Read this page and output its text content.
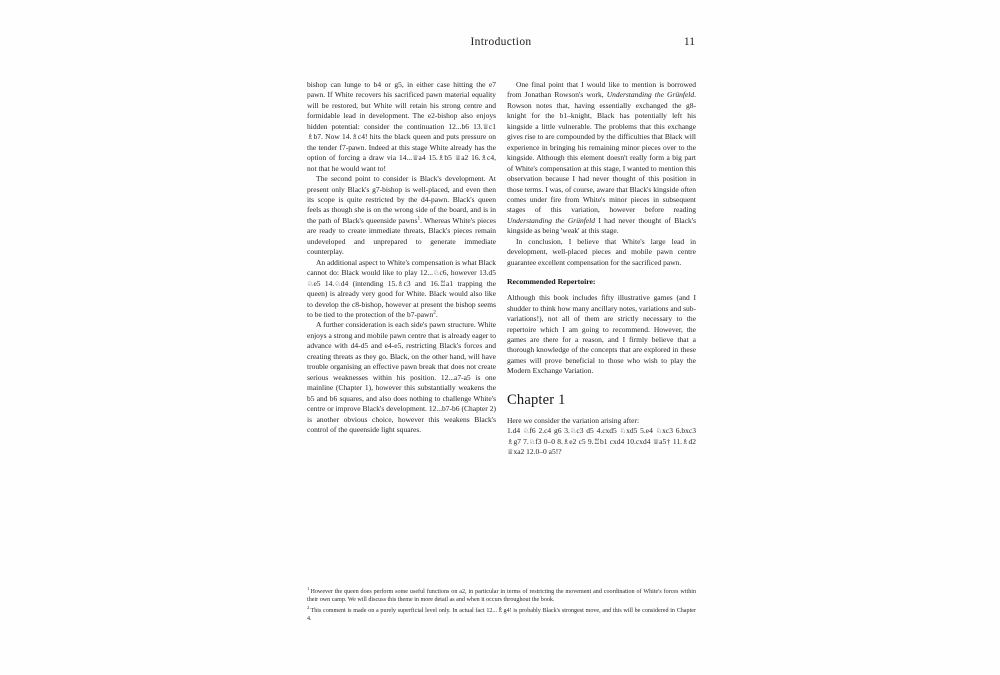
Introduction	11

bishop can lunge to b4 or g5, in either case hitting the e7 pawn. If White recovers his sacrificed pawn material equality will be restored, but White will retain his strong centre and formidable lead in development. The e2-bishop also enjoys hidden potential: consider the continuation 12...b6 13.♕c1 ♗b7. Now 14.♗c4! hits the black queen and puts pressure on the tender f7-pawn. Indeed at this stage White already has the option of forcing a draw via 14...♕a4 15.♗b5 ♕a2 16.♗c4, not that he would want to!

The second point to consider is Black's development. At present only Black's g7-bishop is well-placed, and even then its scope is quite restricted by the d4-pawn. Black's queen feels as though she is on the wrong side of the board, and is in the path of Black's queenside pawns$^1$. Whereas White's pieces are ready to create immediate threats, Black's pieces remain undeveloped and unprepared to generate immediate counterplay.

An additional aspect to White's compensation is what Black cannot do: Black would like to play 12...♘c6, however 13.d5 ♘e5 14.♘d4 (intending 15.♗c3 and 16.♖a1 trapping the queen) is already very good for White. Black would also like to develop the c8-bishop, however at present the bishop seems to be tied to the protection of the b7-pawn$^2$.

A further consideration is each side's pawn structure. White enjoys a strong and mobile pawn centre that is already eager to advance with d4-d5 and e4-e5, restricting Black's forces and creating threats as they go. Black, on the other hand, will have trouble organising an effective pawn break that does not create serious weaknesses within his position. 12...a7-a5 is one mainline (Chapter 1), however this substantially weakens the b5 and b6 squares, and also does nothing to challenge White's centre or improve Black's development. 12...b7-b6 (Chapter 2) is another obvious choice, however this weakens Black's control of the queenside light squares.

One final point that I would like to mention is borrowed from Jonathan Rowson's work, Understanding the Grünfeld. Rowson notes that, having essentially exchanged the g8-knight for the b1–knight, Black has potentially left his kingside a little vulnerable. The problems that this exchange gives rise to are compounded by the difficulties that Black will experience in bringing his remaining minor pieces over to the kingside. Although this element doesn't really form a big part of White's compensation at this stage, I wanted to mention this observation because I had never thought of this position in those terms. I was, of course, aware that Black's kingside often comes under fire from White's minor pieces in subsequent stages of this variation, however before reading Understanding the Grünfeld I had never thought of Black's kingside as being 'weak' at this stage.

In conclusion, I believe that White's large lead in development, well-placed pieces and mobile pawn centre guarantee excellent compensation for the sacrificed pawn.

Recommended Repertoire:

Although this book includes fifty illustrative games (and I shudder to think how many ancillary notes, variations and sub-variations!), not all of them are strictly necessary to the repertoire which I am going to recommend. However, the games are there for a reason, and I firmly believe that a thorough knowledge of the concepts that are explored in these games will prove beneficial to those who wish to play the Modern Exchange Variation.

Chapter 1

Here we consider the variation arising after:

1.d4 ♘f6 2.c4 g6 3.♘c3 d5 4.cxd5 ♘xd5 5.e4 ♘xc3 6.bxc3 ♗g7 7.♘f3 0–0 8.♗e2 c5 9.♖b1 cxd4 10.cxd4 ♕a5† 11.♗d2 ♕xa2 12.0–0 a5!?

$^1$However the queen does perform some useful functions on a2, in particular in terms of restricting the movement and coordination of White's forces within their own camp. We will discuss this theme in more detail as and when it occurs throughout the book.

$^2$This comment is made on a purely superficial level only. In actual fact 12...♗g4! is probably Black's strongest move, and this will be considered in Chapter 4.
